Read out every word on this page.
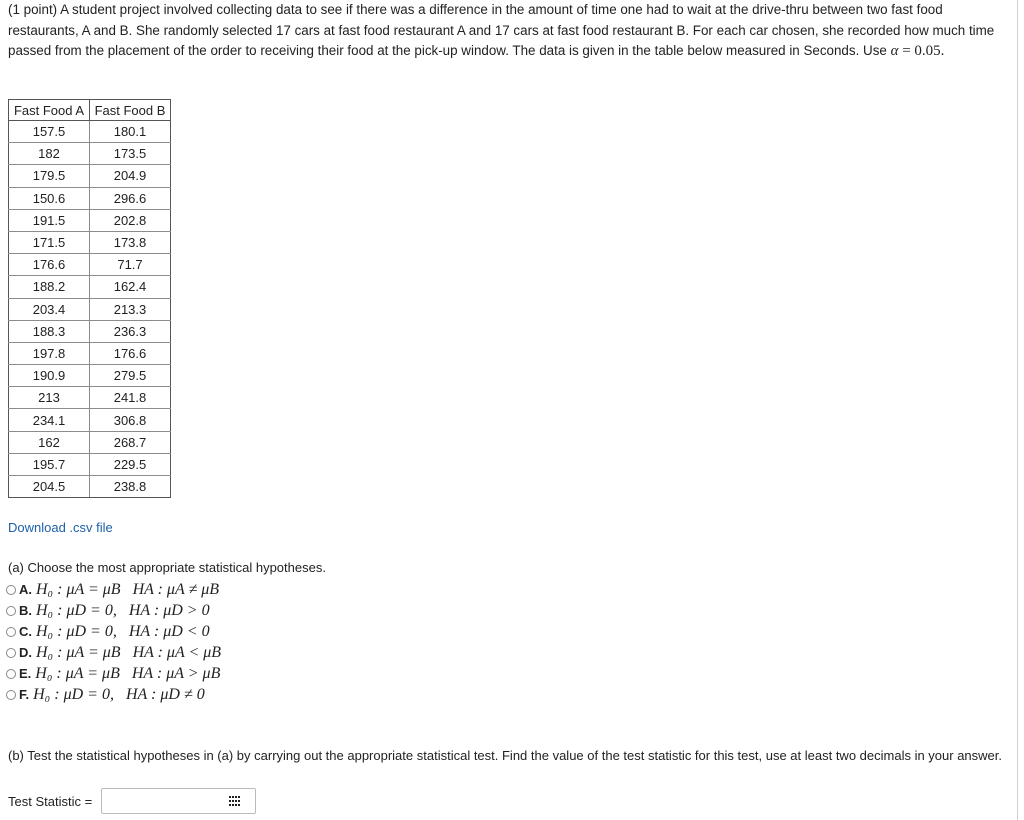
(1 point) A student project involved collecting data to see if there was a difference in the amount of time one had to wait at the drive-thru between two fast food restaurants, A and B. She randomly selected 17 cars at fast food restaurant A and 17 cars at fast food restaurant B. For each car chosen, she recorded how much time passed from the placement of the order to receiving their food at the pick-up window. The data is given in the table below measured in Seconds. Use α = 0.05.

Fast Food A	Fast Food B
157.5	180.1
182	173.5
179.5	204.9
150.6	296.6
191.5	202.8
171.5	173.8
176.6	71.7
188.2	162.4
203.4	213.3
188.3	236.3
197.8	176.6
190.9	279.5
213	241.8
234.1	306.8
162	268.7
195.7	229.5
204.5	238.8
Download .csv file
(a) Choose the most appropriate statistical hypotheses.
A. H₀ : μA = μB   HA : μA ≠ μB
B. H₀ : μD = 0,   HA : μD > 0
C. H₀ : μD = 0,   HA : μD < 0
D. H₀ : μA = μB   HA : μA < μB
E. H₀ : μA = μB   HA : μA > μB
F. H₀ : μD = 0,   HA : μD ≠ 0
(b) Test the statistical hypotheses in (a) by carrying out the appropriate statistical test. Find the value of the test statistic for this test, use at least two decimals in your answer.
Test Statistic =
